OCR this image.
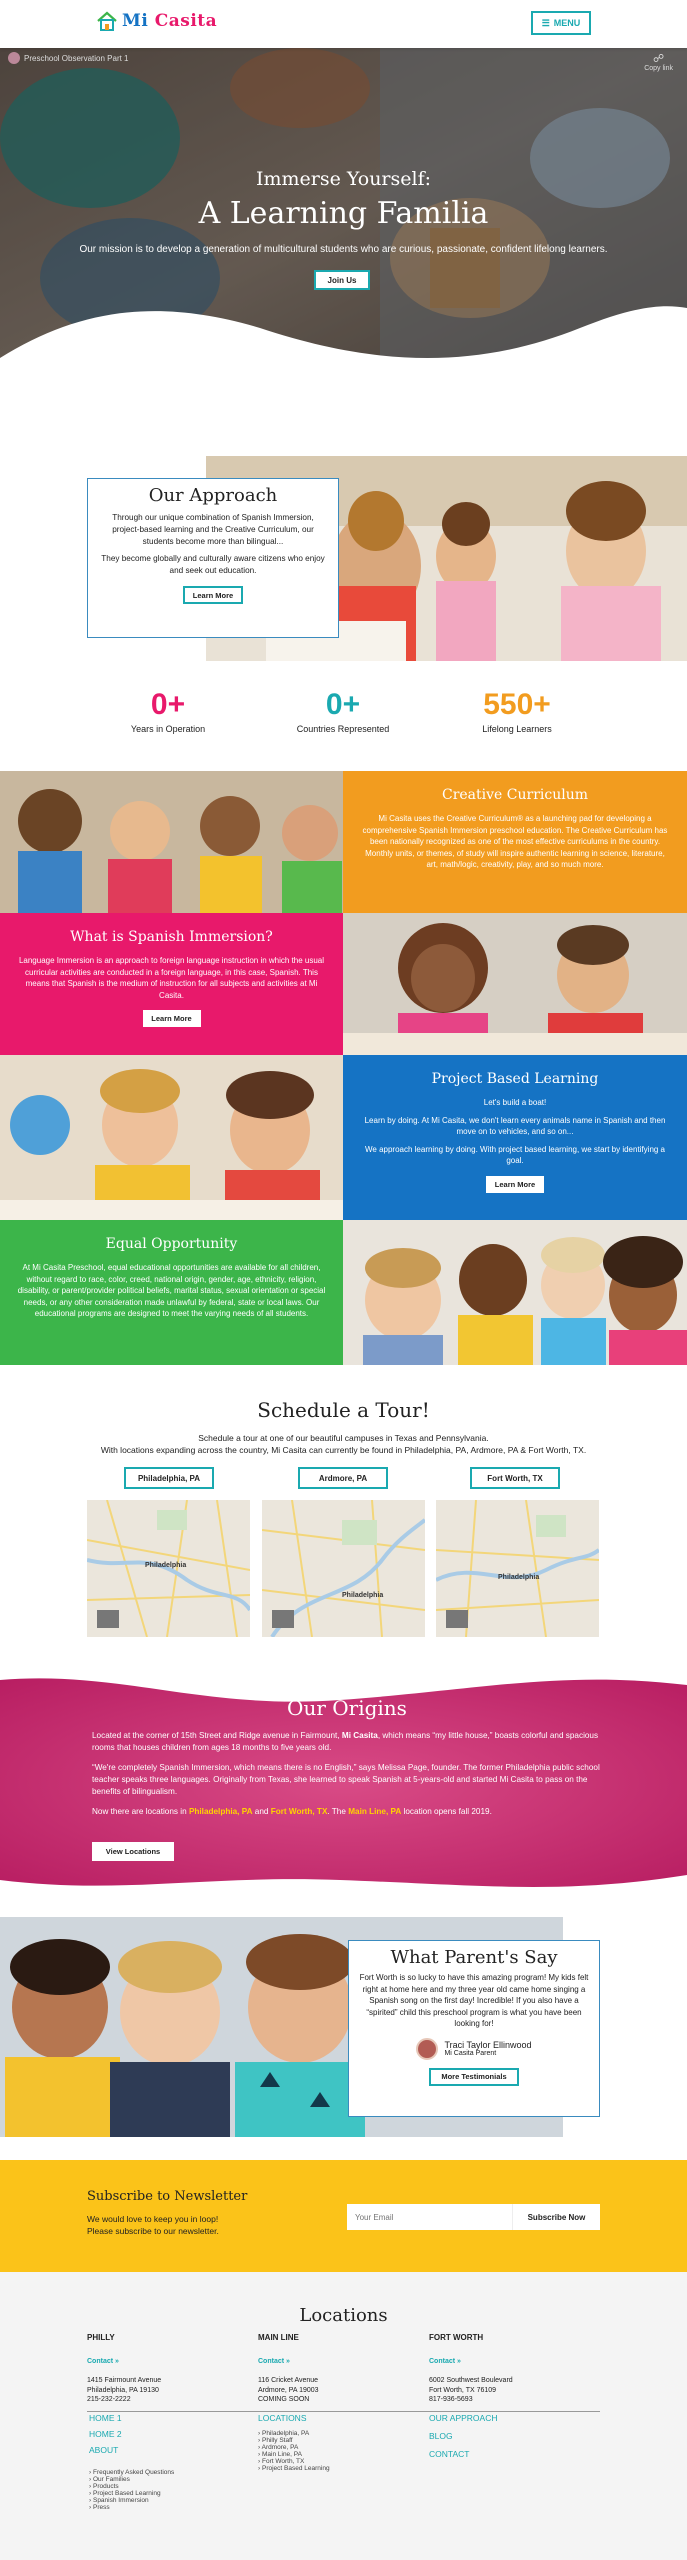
Mi Casita	☰ MENU
Preschool Observation Part 1	☍
Copy link
Immerse Yourself:
A Learning Familia
Our mission is to develop a generation of multicultural students who are curious, passionate, confident lifelong learners.
Join Us
Our Approach

Through our unique combination of Spanish Immersion, project-based learning and the Creative Curriculum, our students become more than bilingual...

They become globally and culturally aware citizens who enjoy and seek out education.

Learn More
0+
Years in Operation
0+
Countries Represented
550+
Lifelong Learners
Creative Curriculum

Mi Casita uses the Creative Curriculum® as a launching pad for developing a comprehensive Spanish Immersion preschool education. The Creative Curriculum has been nationally recognized as one of the most effective curriculums in the country. Monthly units, or themes, of study will inspire authentic learning in science, literature, art, math/logic, creativity, play, and so much more.

What is Spanish Immersion?

Language Immersion is an approach to foreign language instruction in which the usual curricular activities are conducted in a foreign language, in this case, Spanish. This means that Spanish is the medium of instruction for all subjects and activities at Mi Casita.

Learn More
Project Based Learning

Let's build a boat!

Learn by doing. At Mi Casita, we don't learn every animals name in Spanish and then move on to vehicles, and so on...

We approach learning by doing. With project based learning, we start by identifying a goal.

Learn More
Equal Opportunity

At Mi Casita Preschool, equal educational opportunities are available for all children, without regard to race, color, creed, national origin, gender, age, ethnicity, religion, disability, or parent/provider political beliefs, marital status, sexual orientation or special needs, or any other consideration made unlawful by federal, state or local laws. Our educational programs are designed to meet the varying needs of all students.

Schedule a Tour!
Schedule a tour at one of our beautiful campuses in Texas and Pennsylvania.
With locations expanding across the country, Mi Casita can currently be found in Philadelphia, PA, Ardmore, PA & Fort Worth, TX.
Philadelphia, PA	Ardmore, PA	Fort Worth, TX
Philadelphia
Philadelphia
Philadelphia
Our Origins

Located at the corner of 15th Street and Ridge avenue in Fairmount, Mi Casita, which means “my little house,” boasts colorful and spacious rooms that houses children from ages 18 months to five years old.

“We're completely Spanish Immersion, which means there is no English,” says Melissa Page, founder. The former Philadelphia public school teacher speaks three languages. Originally from Texas, she learned to speak Spanish at 5-years-old and started Mi Casita to pass on the benefits of bilingualism.

Now there are locations in Philadelphia, PA and Fort Worth, TX. The Main Line, PA location opens fall 2019.

View Locations
What Parent's Say

Fort Worth is so lucky to have this amazing program! My kids felt right at home here and my three year old came home singing a Spanish song on the first day! Incredible! If you also have a “spirited” child this preschool program is what you have been looking for!

Traci Taylor Ellinwood
Mi Casita Parent
More Testimonials
Subscribe to Newsletter
We would love to keep you in loop!
Please subscribe to our newsletter.
Your Email
Subscribe Now
Locations
PHILLY
Contact »
1415 Fairmount Avenue
Philadelphia, PA 19130
215-232-2222
MAIN LINE
Contact »
116 Cricket Avenue
Ardmore, PA 19003
COMING SOON
FORT WORTH
Contact »
6002 Southwest Boulevard
Fort Worth, TX 76109
817-936-5693
HOME 1
HOME 2
ABOUT
› Frequently Asked Questions
› Our Families
› Products
› Project Based Learning
› Spanish Immersion
› Press
LOCATIONS
› Philadelphia, PA
› Philly Staff
› Ardmore, PA
› Main Line, PA
› Fort Worth, TX
› Project Based Learning
OUR APPROACH
BLOG
CONTACT
